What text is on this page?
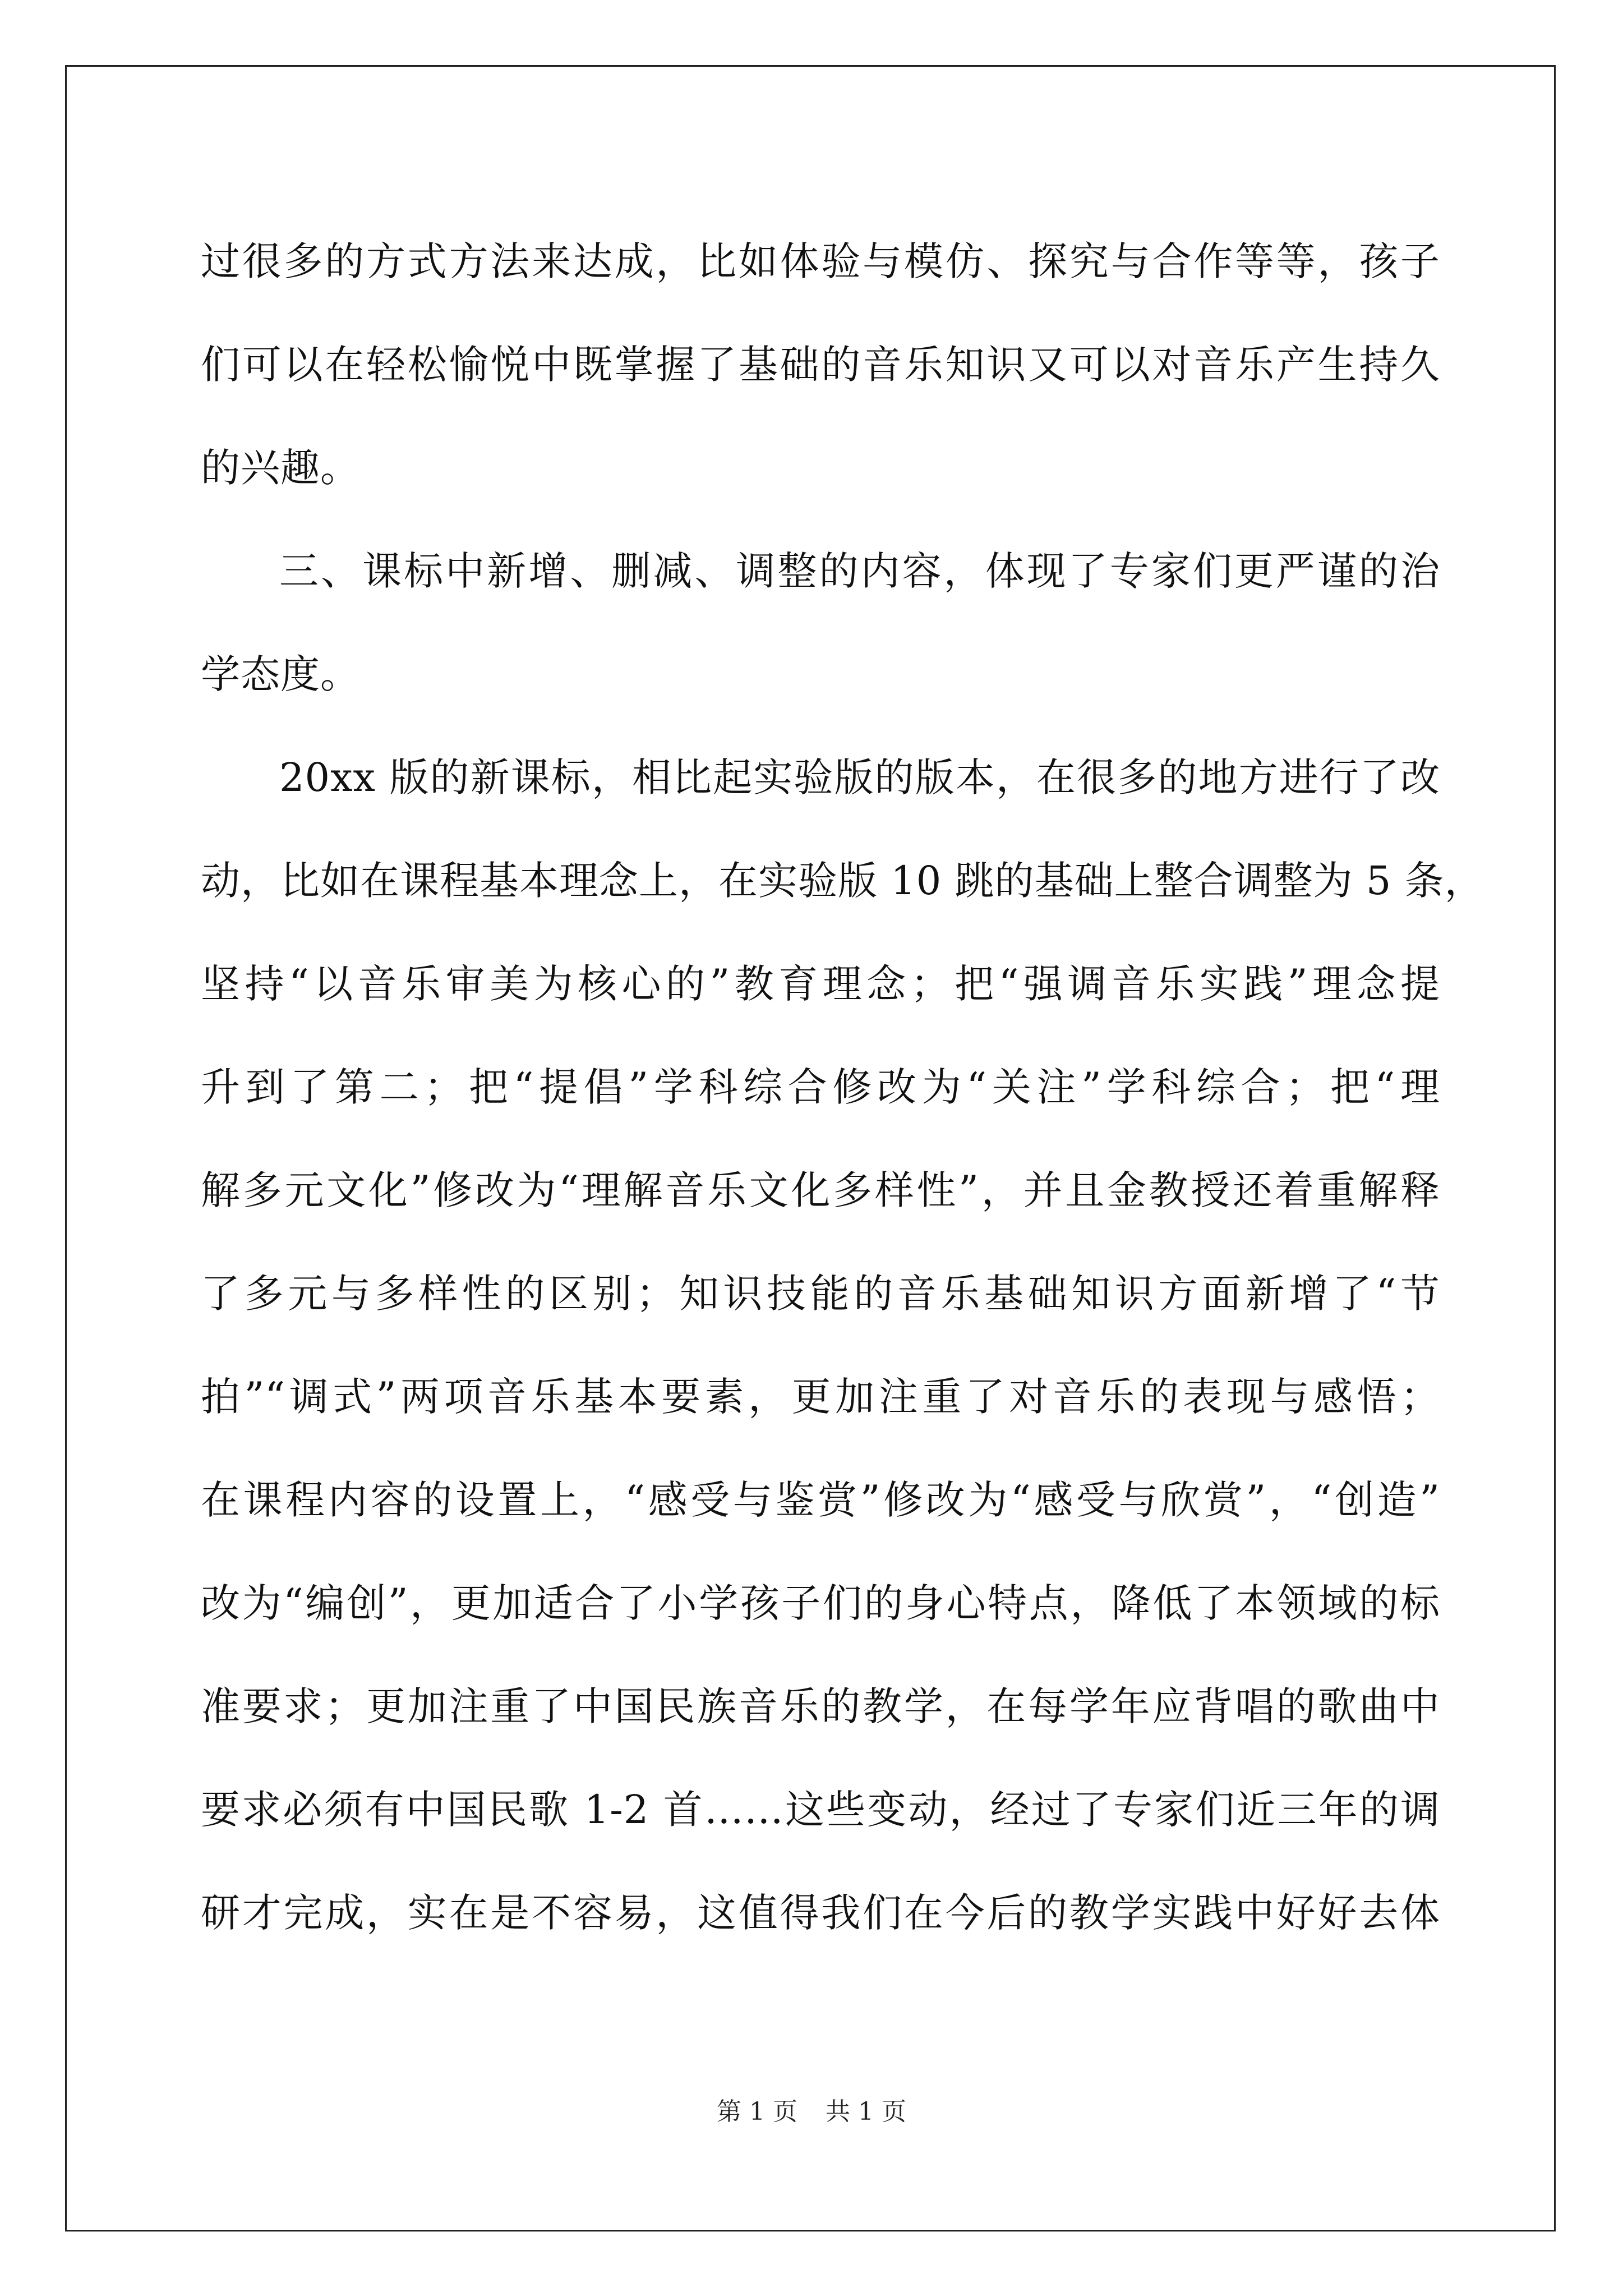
过很多的方式方法来达成，比如体验与模仿、探究与合作等等，孩子
们可以在轻松愉悦中既掌握了基础的音乐知识又可以对音乐产生持久
的兴趣。
三、课标中新增、删减、调整的内容，体现了专家们更严谨的治
学态度。
20xx 版的新课标，相比起实验版的版本，在很多的地方进行了改
动，比如在课程基本理念上，在实验版 10 跳的基础上整合调整为 5 条，
坚持“以音乐审美为核心的”教育理念；把“强调音乐实践”理念提
升到了第二；把“提倡”学科综合修改为“关注”学科综合；把“理
解多元文化”修改为“理解音乐文化多样性”，并且金教授还着重解释
了多元与多样性的区别；知识技能的音乐基础知识方面新增了“节
拍”“调式”两项音乐基本要素，更加注重了对音乐的表现与感悟；
在课程内容的设置上，“感受与鉴赏”修改为“感受与欣赏”，“创造”
改为“编创”，更加适合了小学孩子们的身心特点，降低了本领域的标
准要求；更加注重了中国民族音乐的教学，在每学年应背唱的歌曲中
要求必须有中国民歌 1-2 首……这些变动，经过了专家们近三年的调
研才完成，实在是不容易，这值得我们在今后的教学实践中好好去体
第 1 页 共 1 页
